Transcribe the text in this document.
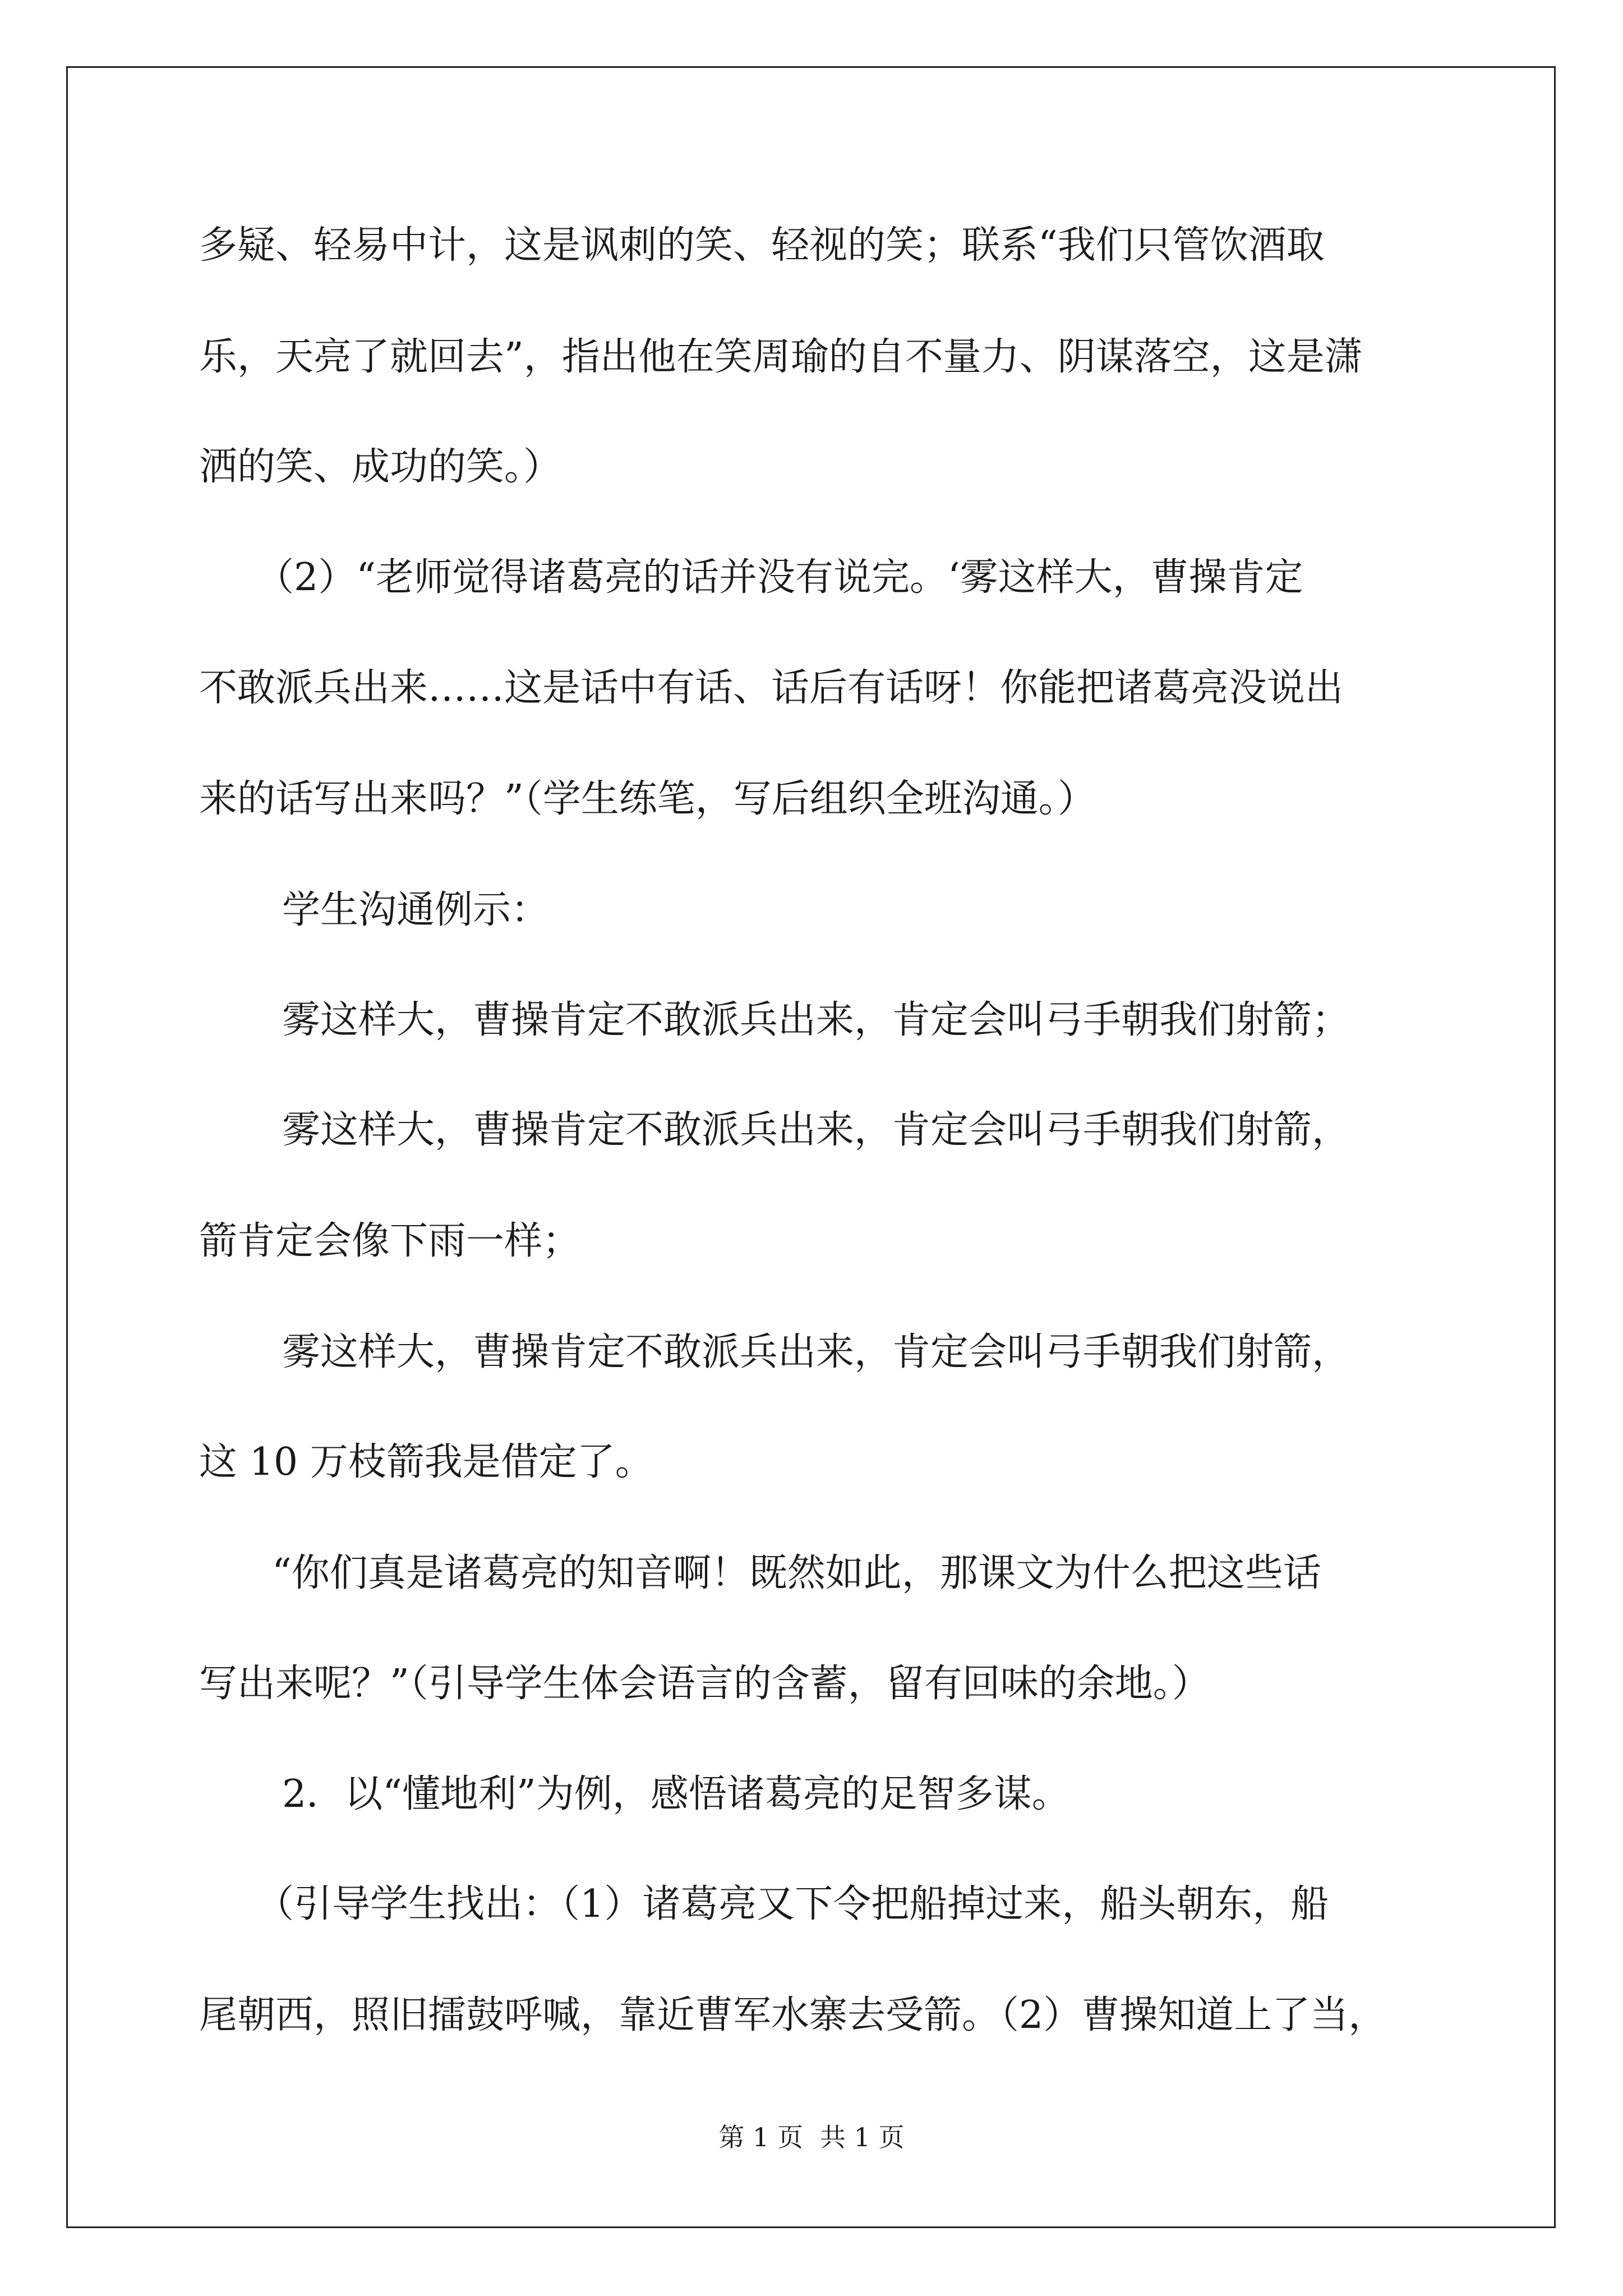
多疑、轻易中计，这是讽刺的笑、轻视的笑；联系“我们只管饮酒取
乐，天亮了就回去”，指出他在笑周瑜的自不量力、阴谋落空，这是潇
洒的笑、成功的笑。）
（2）“老师觉得诸葛亮的话并没有说完。‘雾这样大，曹操肯定
不敢派兵出来……这是话中有话、话后有话呀！你能把诸葛亮没说出
来的话写出来吗？”（学生练笔，写后组织全班沟通。）
学生沟通例示：
雾这样大，曹操肯定不敢派兵出来，肯定会叫弓手朝我们射箭；
雾这样大，曹操肯定不敢派兵出来，肯定会叫弓手朝我们射箭，
箭肯定会像下雨一样；
雾这样大，曹操肯定不敢派兵出来，肯定会叫弓手朝我们射箭，
这 10 万枝箭我是借定了。
“你们真是诸葛亮的知音啊！既然如此，那课文为什么把这些话
写出来呢？”（引导学生体会语言的含蓄，留有回味的余地。）
2．以“懂地利”为例，感悟诸葛亮的足智多谋。
（引导学生找出：（1）诸葛亮又下令把船掉过来，船头朝东，船
尾朝西，照旧擂鼓呼喊，靠近曹军水寨去受箭。（2）曹操知道上了当，
第 1 页 共 1 页
